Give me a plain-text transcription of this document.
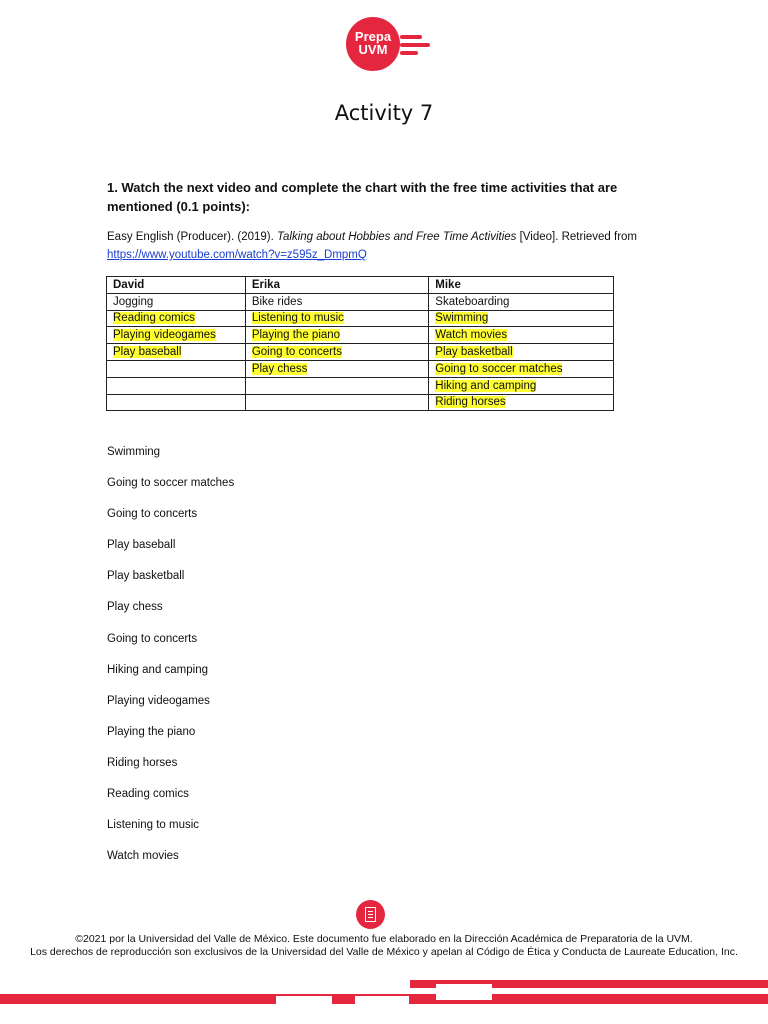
Prepa
UVM
Activity 7
1. Watch the next video and complete the chart with the free time activities that are mentioned (0.1 points):
Easy English (Producer). (2019). Talking about Hobbies and Free Time Activities [Video]. Retrieved from
https://www.youtube.com/watch?v=z595z_DmpmQ
David	Erika	Mike
Jogging	Bike rides	Skateboarding
Reading comics	Listening to music	Swimming
Playing videogames	Playing the piano	Watch movies
Play baseball	Going to concerts	Play basketball
	Play chess	Going to soccer matches
		Hiking and camping
		Riding horses
Swimming
Going to soccer matches
Going to concerts
Play baseball
Play basketball
Play chess
Going to concerts
Hiking and camping
Playing videogames
Playing the piano
Riding horses
Reading comics
Listening to music
Watch movies
©2021 por la Universidad del Valle de México. Este documento fue elaborado en la Dirección Académica de Preparatoria de la UVM.
Los derechos de reproducción son exclusivos de la Universidad del Valle de México y apelan al Código de Ética y Conducta de Laureate Education, Inc.
